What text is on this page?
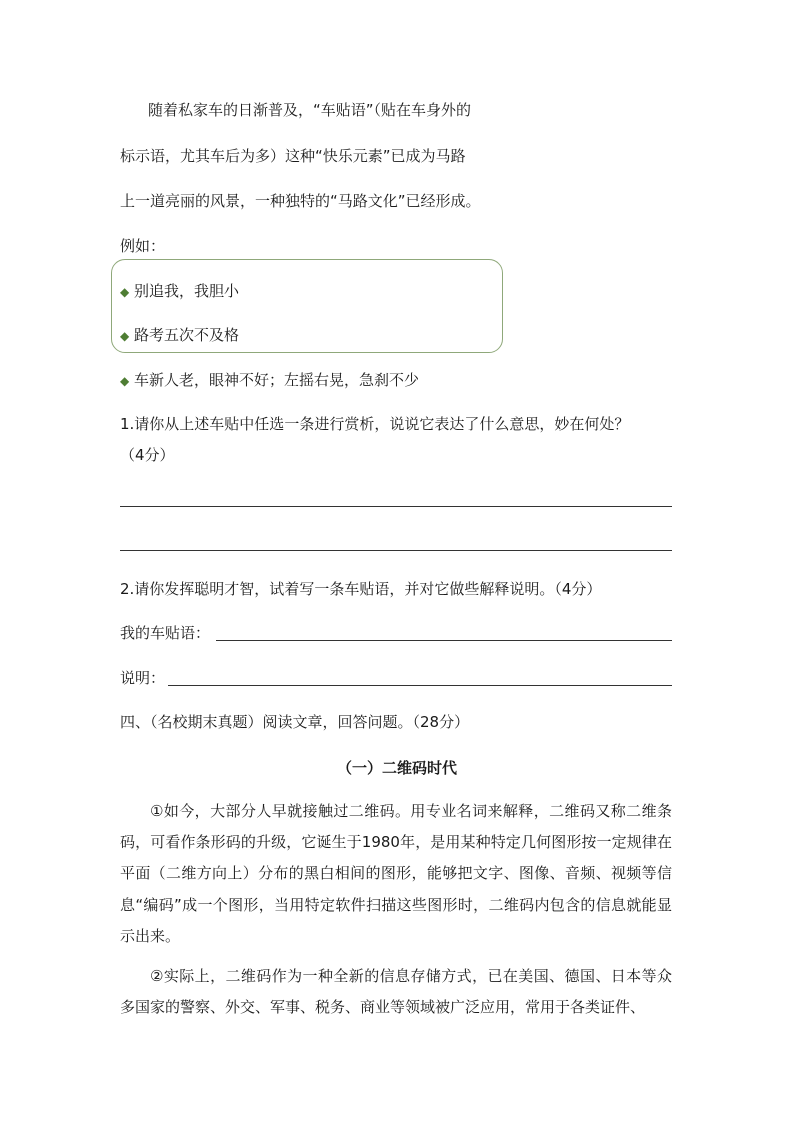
随着私家车的日渐普及，“车贴语”（贴在车身外的
标示语，尤其车后为多）这种“快乐元素”已成为马路
上一道亮丽的风景，一种独特的“马路文化”已经形成。
例如：
◆ 别追我，我胆小
◆ 路考五次不及格
◆ 车新人老，眼神不好；左摇右晃，急刹不少
1.请你从上述车贴中任选一条进行赏析，说说它表达了什么意思，妙在何处？
（4分）
2.请你发挥聪明才智，试着写一条车贴语，并对它做些解释说明。（4分）
我的车贴语：
说明：
四、（名校期末真题）阅读文章，回答问题。（28分）
（一）二维码时代
①如今，大部分人早就接触过二维码。用专业名词来解释，二维码又称二维条码，可看作条形码的升级，它诞生于1980年，是用某种特定几何图形按一定规律在平面（二维方向上）分布的黑白相间的图形，能够把文字、图像、音频、视频等信息“编码”成一个图形，当用特定软件扫描这些图形时，二维码内包含的信息就能显示出来。
②实际上，二维码作为一种全新的信息存储方式，已在美国、德国、日本等众多国家的警察、外交、军事、税务、商业等领域被广泛应用，常用于各类证件、
